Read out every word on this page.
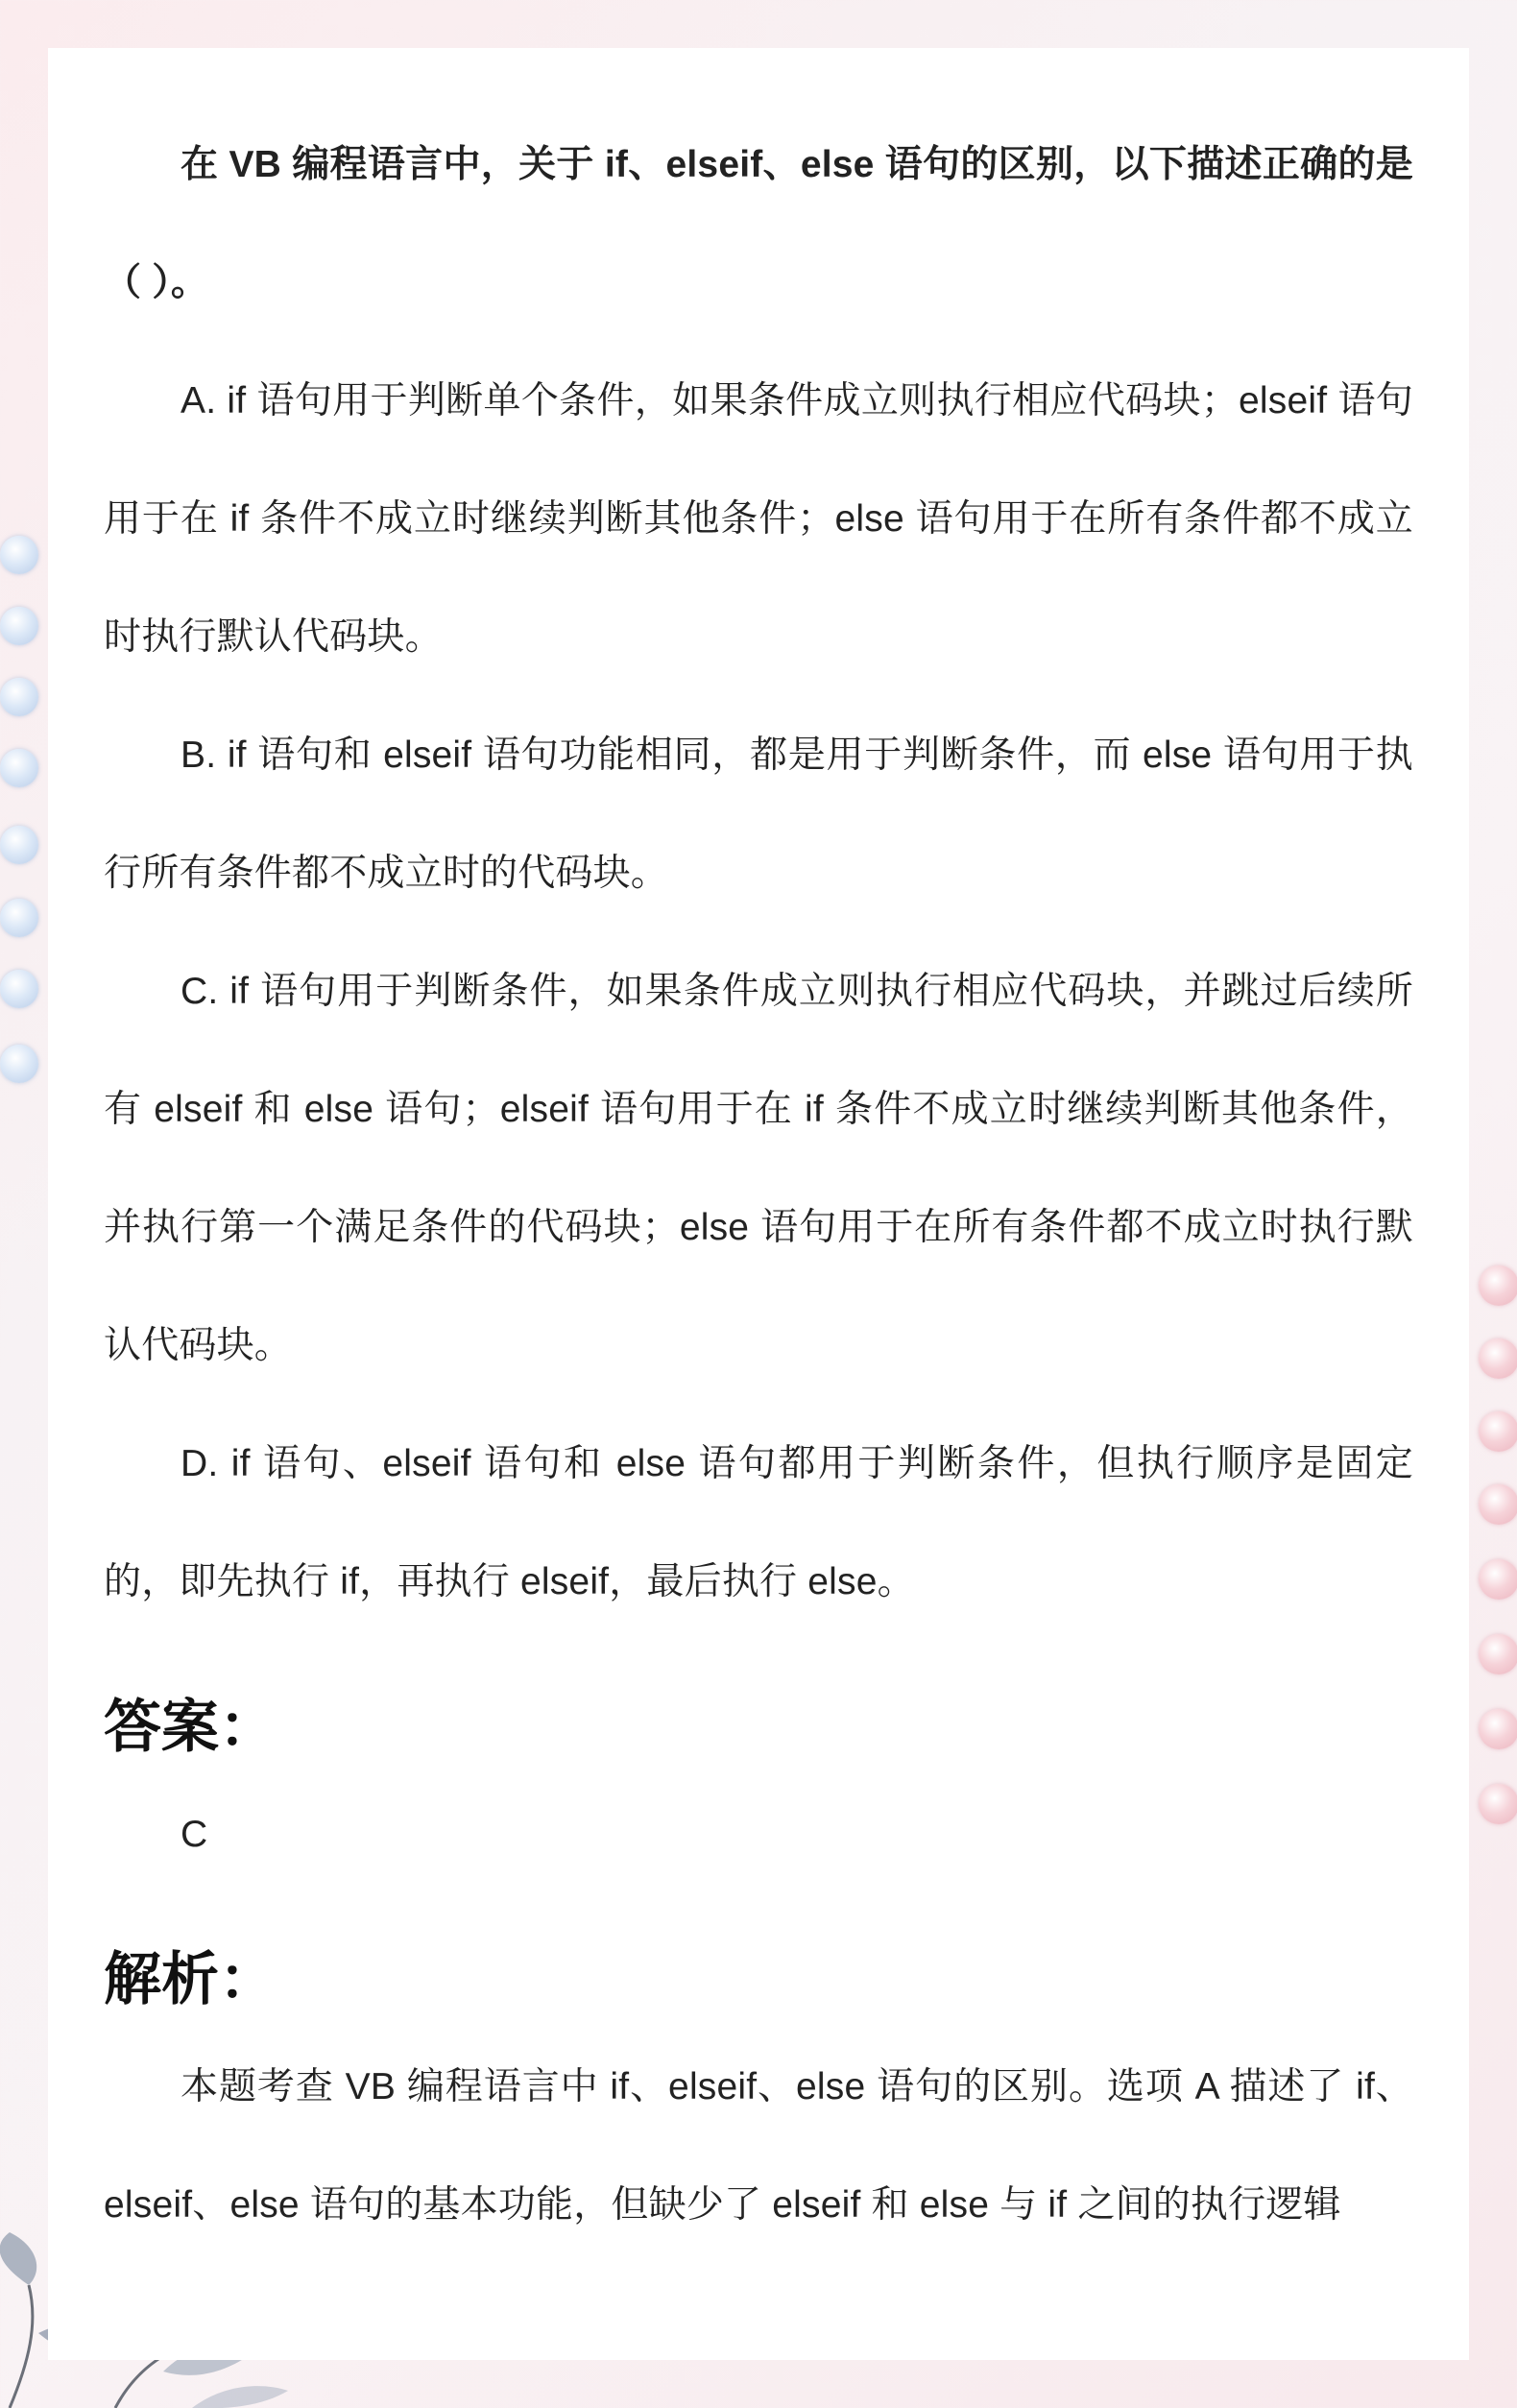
在 VB 编程语言中，关于 if、elseif、else 语句的区别，以下描述正确的是（ ）。

A. if 语句用于判断单个条件，如果条件成立则执行相应代码块；elseif 语句用于在 if 条件不成立时继续判断其他条件；else 语句用于在所有条件都不成立时执行默认代码块。

B. if 语句和 elseif 语句功能相同，都是用于判断条件，而 else 语句用于执行所有条件都不成立时的代码块。

C. if 语句用于判断条件，如果条件成立则执行相应代码块，并跳过后续所有 elseif 和 else 语句；elseif 语句用于在 if 条件不成立时继续判断其他条件，并执行第一个满足条件的代码块；else 语句用于在所有条件都不成立时执行默认代码块。

D. if 语句、elseif 语句和 else 语句都用于判断条件，但执行顺序是固定的，即先执行 if，再执行 elseif，最后执行 else。

答案：

C

解析：

本题考查 VB 编程语言中 if、elseif、else 语句的区别。选项 A 描述了 if、elseif、else 语句的基本功能，但缺少了 elseif 和 else 与 if 之间的执行逻辑
